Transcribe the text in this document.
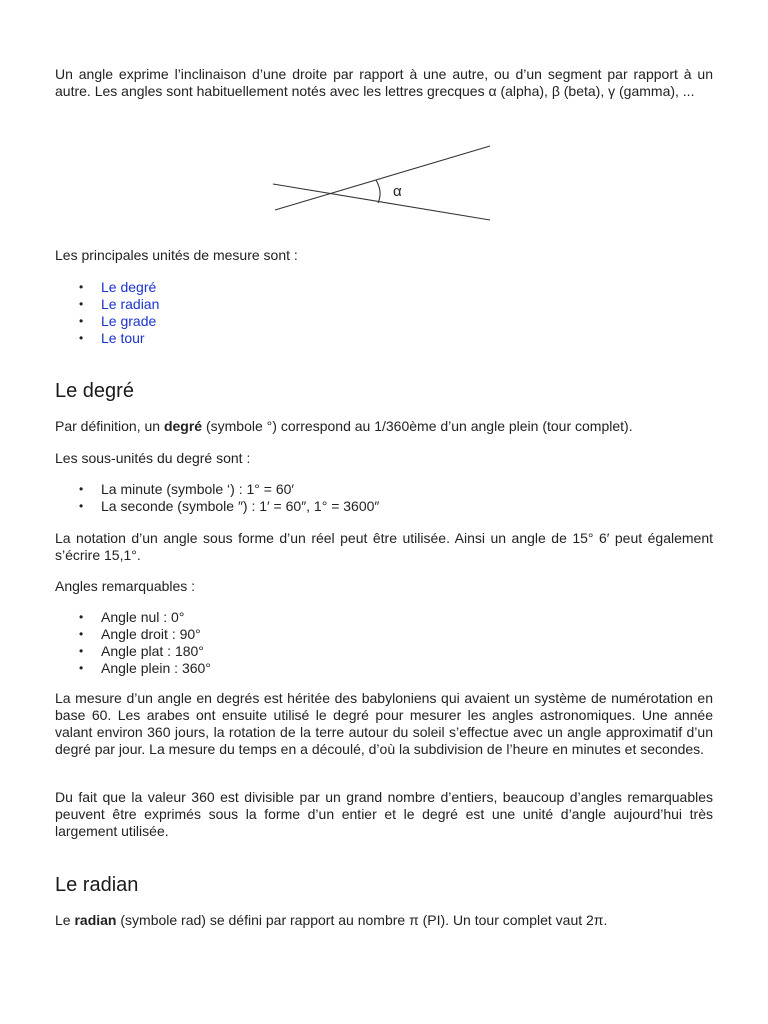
Un angle exprime l’inclinaison d’une droite par rapport à une autre, ou d’un segment par rapport à un autre. Les angles sont habituellement notés avec les lettres grecques α (alpha), β (beta), γ (gamma), ...

α

Les principales unités de mesure sont :

• Le degré
• Le radian
• Le grade
• Le tour
Le degré

Par définition, un degré (symbole °) correspond au 1/360ème d’un angle plein (tour complet).

Les sous-unités du degré sont :

• La minute (symbole ‘) : 1° = 60′
• La seconde (symbole ″) : 1′ = 60″, 1° = 3600″

La notation d’un angle sous forme d’un réel peut être utilisée. Ainsi un angle de 15° 6′ peut également s’écrire 15,1°.

Angles remarquables :

• Angle nul : 0°
• Angle droit : 90°
• Angle plat : 180°
• Angle plein : 360°

La mesure d’un angle en degrés est héritée des babyloniens qui avaient un système de numérotation en base 60. Les arabes ont ensuite utilisé le degré pour mesurer les angles astronomiques. Une année valant environ 360 jours, la rotation de la terre autour du soleil s’effectue avec un angle approximatif d’un degré par jour. La mesure du temps en a découlé, d’où la subdivision de l’heure en minutes et secondes.

Du fait que la valeur 360 est divisible par un grand nombre d’entiers, beaucoup d’angles remarquables peuvent être exprimés sous la forme d’un entier et le degré est une unité d’angle aujourd’hui très largement utilisée.

Le radian

Le radian (symbole rad) se défini par rapport au nombre π (PI). Un tour complet vaut 2π.
